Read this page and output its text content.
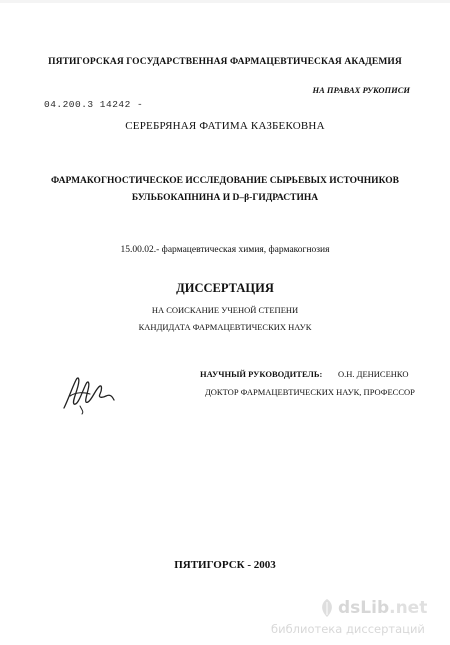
ПЯТИГОРСКАЯ ГОСУДАРСТВЕННАЯ ФАРМАЦЕВТИЧЕСКАЯ АКАДЕМИЯ
НА ПРАВАХ РУКОПИСИ
04.200.3 14242 -
СЕРЕБРЯНАЯ ФАТИМА КАЗБЕКОВНА
ФАРМАКОГНОСТИЧЕСКОЕ ИССЛЕДОВАНИЕ СЫРЬЕВЫХ ИСТОЧНИКОВ
БУЛЬБОКАПНИНА И D–β-ГИДРАСТИНА
15.00.02.- фармацевтическая химия, фармакогнозия
ДИССЕРТАЦИЯ
НА СОИСКАНИЕ УЧЕНОЙ СТЕПЕНИ
КАНДИДАТА ФАРМАЦЕВТИЧЕСКИХ НАУК
НАУЧНЫЙ РУКОВОДИТЕЛЬ: О.Н. ДЕНИСЕНКО
ДОКТОР ФАРМАЦЕВТИЧЕСКИХ НАУК, ПРОФЕССОР
ПЯТИГОРСК - 2003
dsLib.net
библиотека диссертаций
